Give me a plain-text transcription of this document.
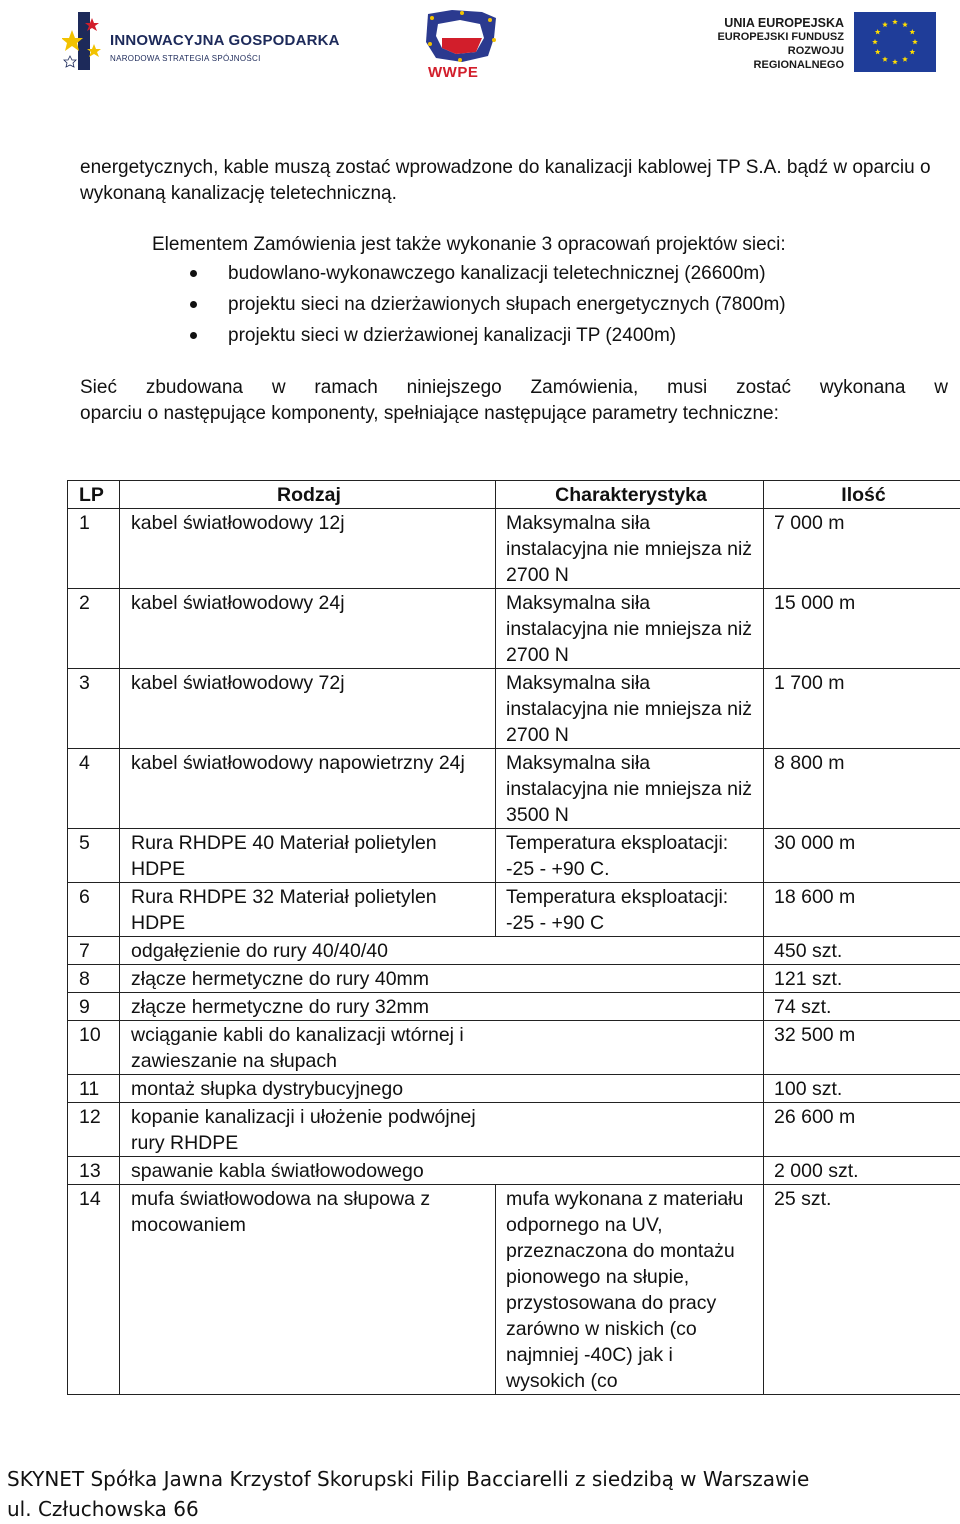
INNOWACYJNA GOSPODARKA
NARODOWA STRATEGIA SPÓJNOŚCI
WWPE
UNIA EUROPEJSKA
EUROPEJSKI FUNDUSZ
ROZWOJU REGIONALNEGO
energetycznych, kable muszą zostać wprowadzone do kanalizacji kablowej TP S.A. bądź w oparciu o wykonaną kanalizację teletechniczną.
Elementem Zamówienia jest także wykonanie 3 opracowań projektów sieci:
budowlano-wykonawczego kanalizacji teletechnicznej (26600m)
projektu sieci na dzierżawionych słupach energetycznych (7800m)
projektu sieci w dzierżawionej kanalizacji TP (2400m)
Sieć zbudowana w ramach niniejszego Zamówienia, musi zostać wykonana w
oparciu o następujące komponenty, spełniające następujące parametry techniczne:
LP	Rodzaj	Charakterystyka	Ilość
1	kabel światłowodowy 12j	Maksymalna siła instalacyjna nie mniejsza niż 2700 N	7 000 m
2	kabel światłowodowy 24j	Maksymalna siła instalacyjna nie mniejsza niż 2700 N	15 000 m
3	kabel światłowodowy 72j	Maksymalna siła instalacyjna nie mniejsza niż 2700 N	1 700 m
4	kabel światłowodowy napowietrzny 24j	Maksymalna siła instalacyjna nie mniejsza niż 3500 N	8 800 m
5	Rura RHDPE 40 Materiał polietylen HDPE	Temperatura eksploatacji: -25 - +90 C.	30 000 m
6	Rura RHDPE 32 Materiał polietylen HDPE	Temperatura eksploatacji: -25 - +90 C	18 600 m
7	odgałęzienie do rury 40/40/40		450 szt.
8	złącze hermetyczne do rury 40mm		121 szt.
9	złącze hermetyczne do rury 32mm		74 szt.
10	wciąganie kabli do kanalizacji wtórnej i zawieszanie na słupach		32 500 m
11	montaż słupka dystrybucyjnego		100 szt.
12	kopanie kanalizacji i ułożenie podwójnej rury RHDPE		26 600 m
13	spawanie kabla światłowodowego		2 000 szt.
14	mufa światłowodowa na słupowa z mocowaniem	mufa wykonana z materiału odpornego na UV, przeznaczona do montażu pionowego na słupie, przystosowana do pracy zarówno w niskich (co najmniej -40C) jak i wysokich (co	25 szt.
SKYNET Spółka Jawna Krzystof Skorupski Filip Bacciarelli z siedzibą w Warszawie
ul. Człuchowska 66
